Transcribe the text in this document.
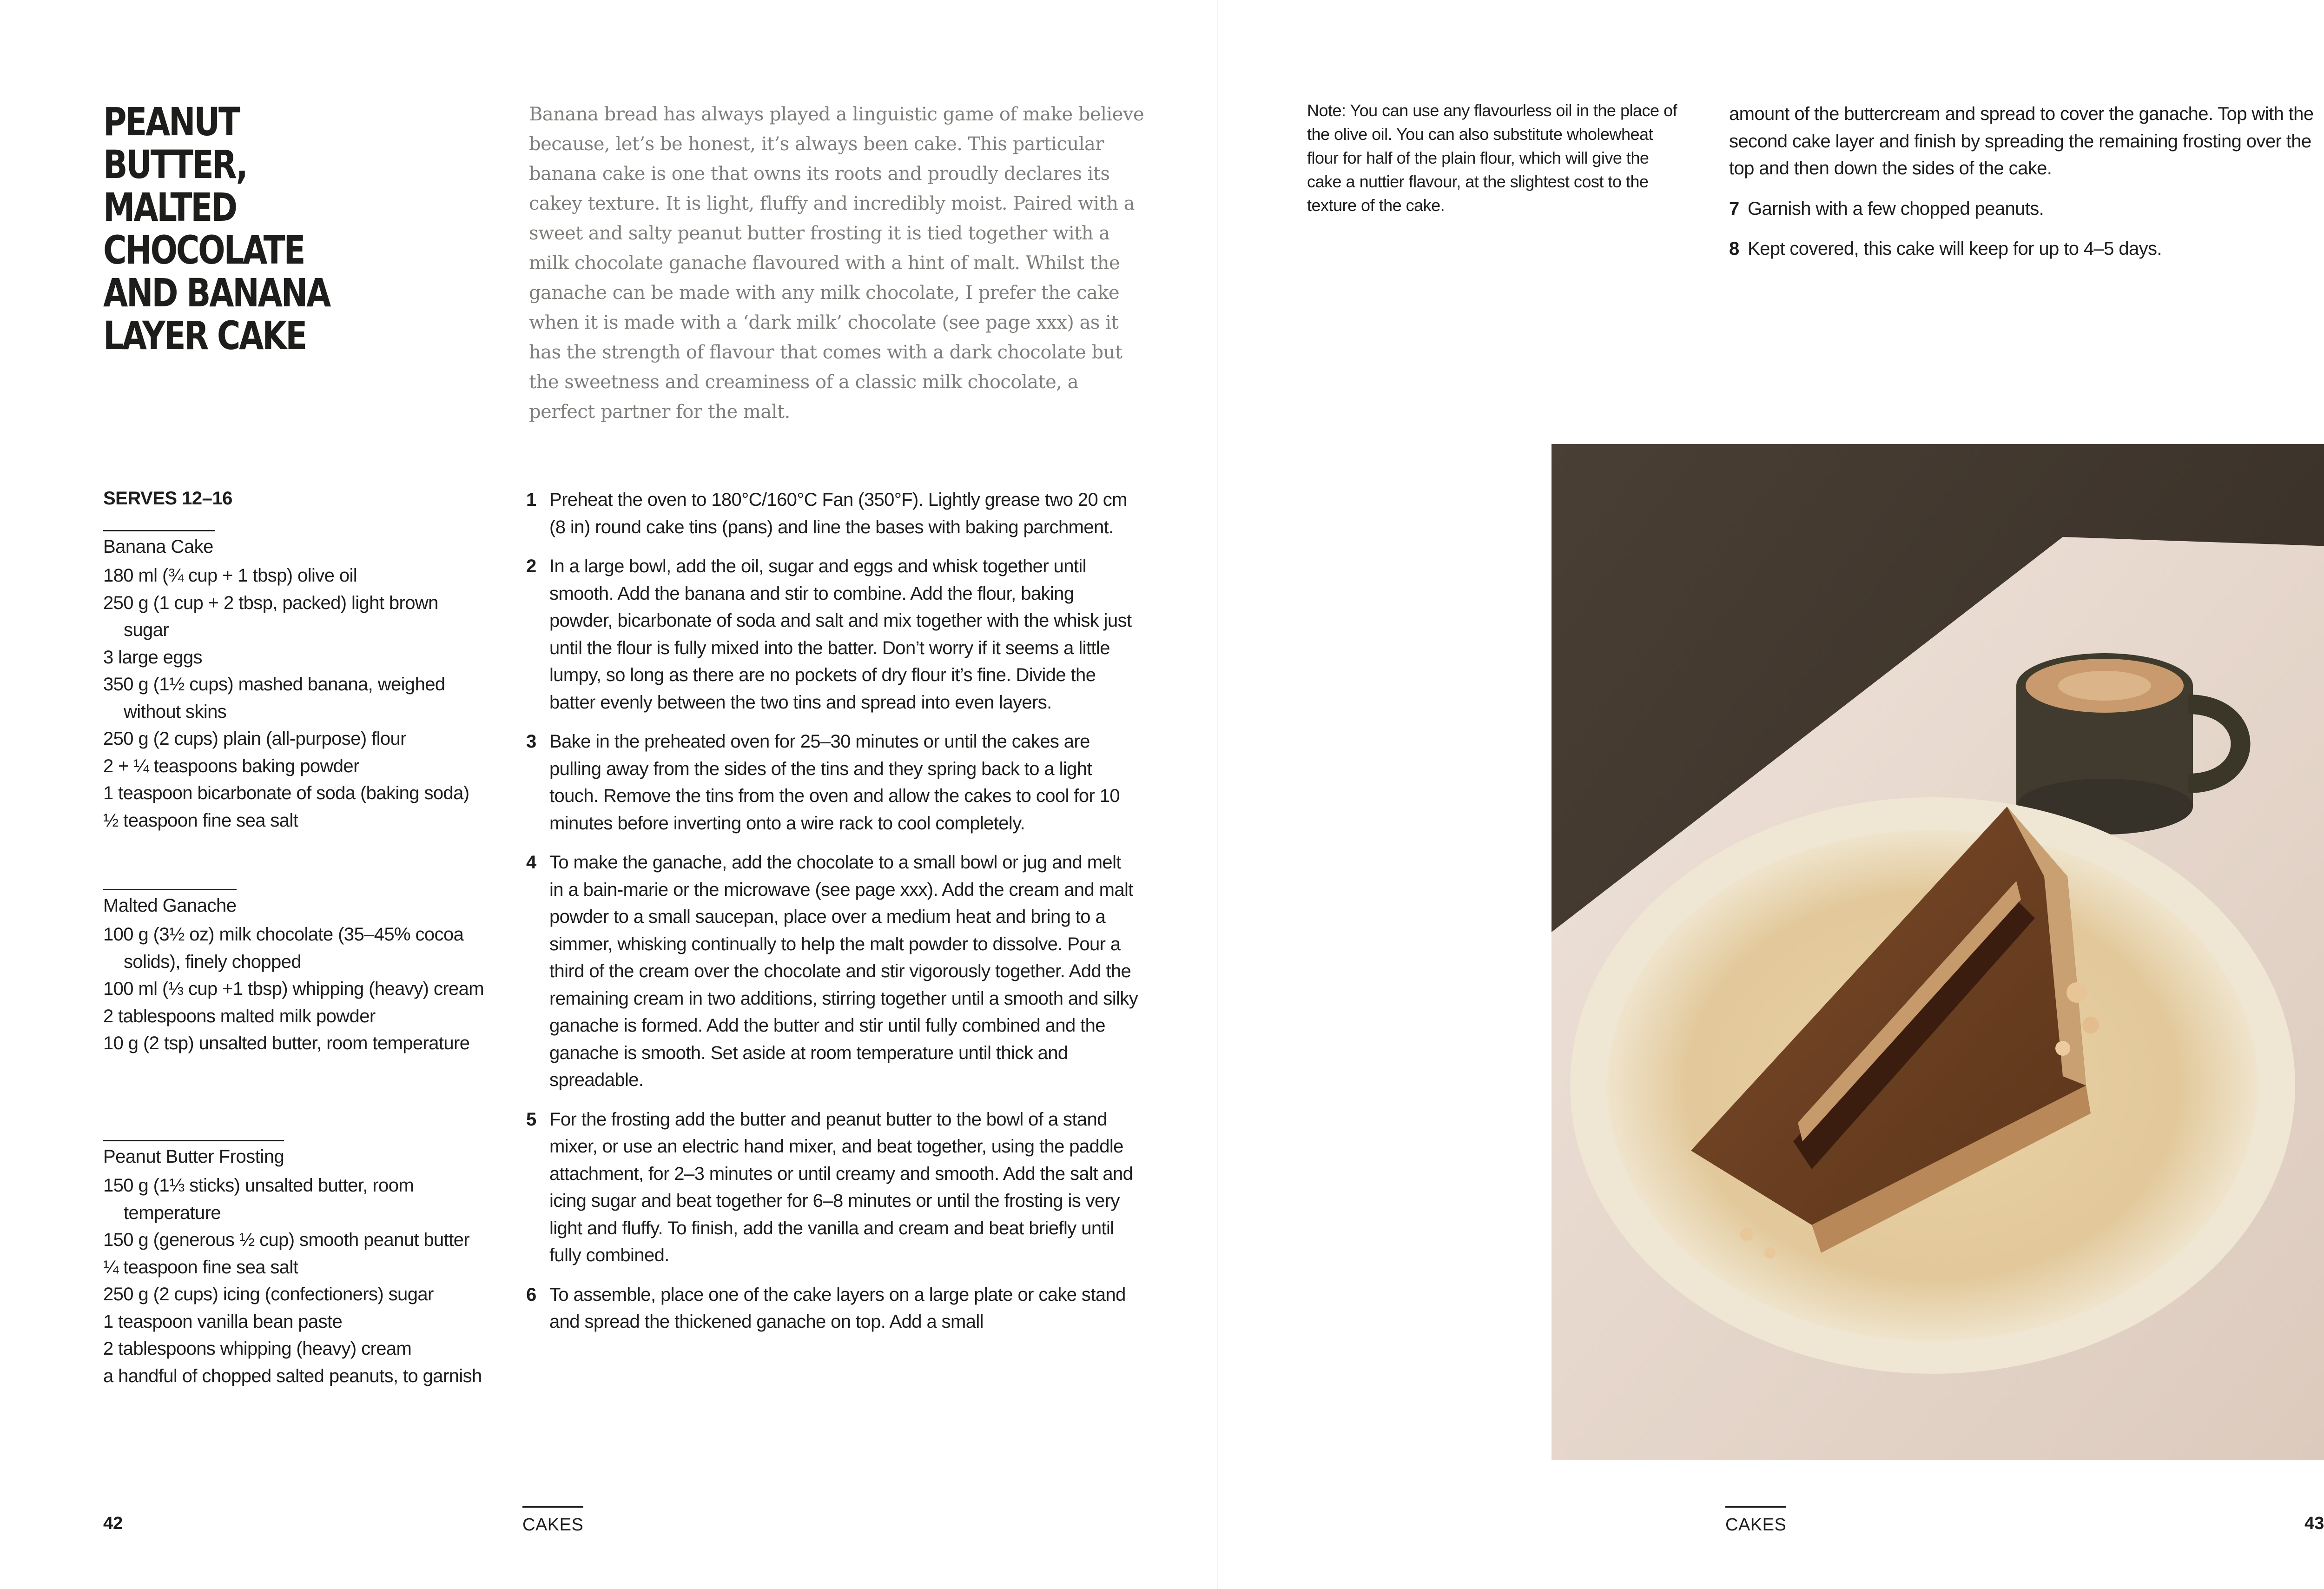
PEANUT BUTTER, MALTED CHOCOLATE AND BANANA LAYER CAKE

Banana bread has always played a linguistic game of make believe because, let’s be honest, it’s always been cake. This particular banana cake is one that owns its roots and proudly declares its cakey texture. It is light, fluffy and incredibly moist. Paired with a sweet and salty peanut butter frosting it is tied together with a milk chocolate ganache flavoured with a hint of malt. Whilst the ganache can be made with any milk chocolate, I prefer the cake when it is made with a ‘dark milk’ chocolate (see page xxx) as it has the strength of flavour that comes with a dark chocolate but the sweetness and creaminess of a classic milk chocolate, a perfect partner for the malt.

SERVES 12–16

Banana Cake
180 ml (¾ cup + 1 tbsp) olive oil
250 g (1 cup + 2 tbsp, packed) light brown sugar
3 large eggs
350 g (1½ cups) mashed banana, weighed without skins
250 g (2 cups) plain (all-purpose) flour
2 + ¼ teaspoons baking powder
1 teaspoon bicarbonate of soda (baking soda)
½ teaspoon fine sea salt
Malted Ganache
100 g (3½ oz) milk chocolate (35–45% cocoa solids), finely chopped
100 ml (⅓ cup +1 tbsp) whipping (heavy) cream
2 tablespoons malted milk powder
10 g (2 tsp) unsalted butter, room temperature
Peanut Butter Frosting
150 g (1⅓ sticks) unsalted butter, room temperature
150 g (generous ½ cup) smooth peanut butter
¼ teaspoon fine sea salt
250 g (2 cups) icing (confectioners) sugar
1 teaspoon vanilla bean paste
2 tablespoons whipping (heavy) cream
a handful of chopped salted peanuts, to garnish
1 Preheat the oven to 180°C/160°C Fan (350°F). Lightly grease two 20 cm (8 in) round cake tins (pans) and line the bases with baking parchment.
2 In a large bowl, add the oil, sugar and eggs and whisk together until smooth. Add the banana and stir to combine. Add the flour, baking powder, bicarbonate of soda and salt and mix together with the whisk just until the flour is fully mixed into the batter. Don’t worry if it seems a little lumpy, so long as there are no pockets of dry flour it’s fine. Divide the batter evenly between the two tins and spread into even layers.
3 Bake in the preheated oven for 25–30 minutes or until the cakes are pulling away from the sides of the tins and they spring back to a light touch. Remove the tins from the oven and allow the cakes to cool for 10 minutes before inverting onto a wire rack to cool completely.
4 To make the ganache, add the chocolate to a small bowl or jug and melt in a bain-marie or the microwave (see page xxx). Add the cream and malt powder to a small saucepan, place over a medium heat and bring to a simmer, whisking continually to help the malt powder to dissolve. Pour a third of the cream over the chocolate and stir vigorously together. Add the remaining cream in two additions, stirring together until a smooth and silky ganache is formed. Add the butter and stir until fully combined and the ganache is smooth. Set aside at room temperature until thick and spreadable.
5 For the frosting add the butter and peanut butter to the bowl of a stand mixer, or use an electric hand mixer, and beat together, using the paddle attachment, for 2–3 minutes or until creamy and smooth. Add the salt and icing sugar and beat together for 6–8 minutes or until the frosting is very light and fluffy. To finish, add the vanilla and cream and beat briefly until fully combined.
6 To assemble, place one of the cake layers on a large plate or cake stand and spread the thickened ganache on top. Add a small

42	CAKES

Note: You can use any flavourless oil in the place of the olive oil. You can also substitute wholewheat flour for half of the plain flour, which will give the cake a nuttier flavour, at the slightest cost to the texture of the cake.

amount of the buttercream and spread to cover the ganache. Top with the second cake layer and finish by spreading the remaining frosting over the top and then down the sides of the cake.
7 Garnish with a few chopped peanuts.
8 Kept covered, this cake will keep for up to 4–5 days.

CAKES	43
